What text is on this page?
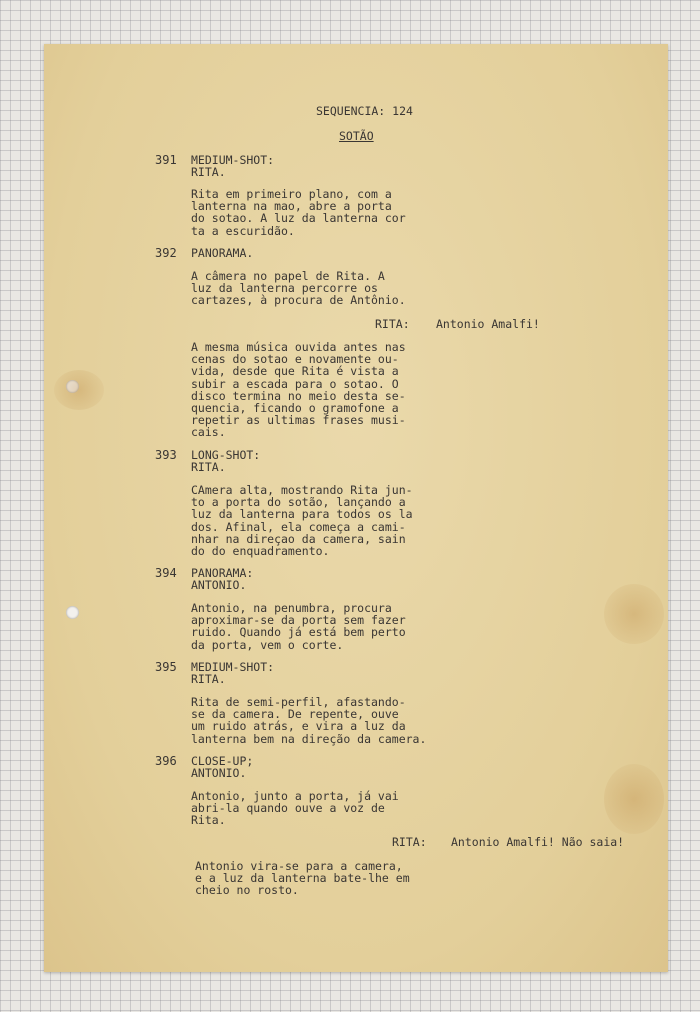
SEQUENCIA: 124

SOTÃO

391 MEDIUM-SHOT:

RITA.

Rita em primeiro plano, com a
lanterna na mao, abre a porta
do sotao. A luz da lanterna cor
ta a escuridão.

392 PANORAMA.

A câmera no papel de Rita. A
luz da lanterna percorre os
cartazes, à procura de Antônio.

RITA: Antonio Amalfi!

A mesma música ouvida antes nas
cenas do sotao e novamente ou-
vida, desde que Rita é vista a
subir a escada para o sotao. O
disco termina no meio desta se-
quencia, ficando o gramofone a
repetir as ultimas frases musi-
cais.

393 LONG-SHOT:

RITA.

CAmera alta, mostrando Rita jun-
to a porta do sotão, lançando a
luz da lanterna para todos os la
dos. Afinal, ela começa a cami-
nhar na direçao da camera, sain
do do enquadramento.

394 PANORAMA:

ANTONIO.

Antonio, na penumbra, procura
aproximar-se da porta sem fazer
ruido. Quando já está bem perto
da porta, vem o corte.

395 MEDIUM-SHOT:

RITA.

Rita de semi-perfil, afastando-
se da camera. De repente, ouve
um ruido atrás, e vira a luz da
lanterna bem na direção da camera.

396 CLOSE-UP;

ANTONIO.

Antonio, junto a porta, já vai
abri-la quando ouve a voz de
Rita.

RITA: Antonio Amalfi! Não saia!

Antonio vira-se para a camera,
e a luz da lanterna bate-lhe em
cheio no rosto.
